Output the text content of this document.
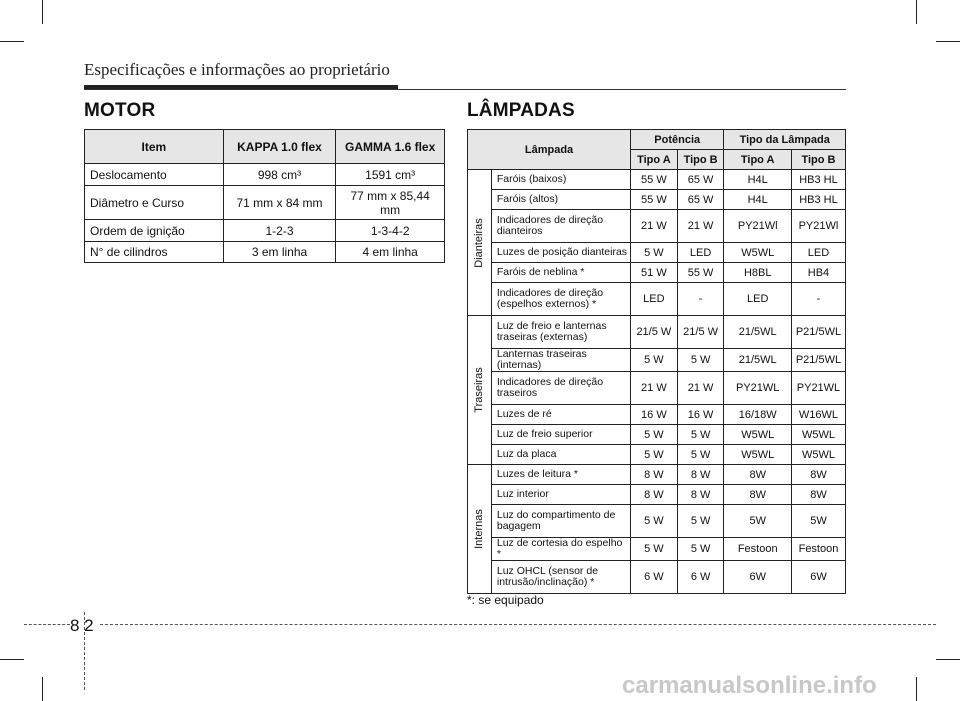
Especificações e informações ao proprietário
MOTOR
Item	KAPPA 1.0 flex	GAMMA 1.6 flex
Deslocamento	998 cm³	1591 cm³
Diâmetro e Curso	71 mm x 84 mm	77 mm x 85,44 mm
Ordem de ignição	1-2-3	1-3-4-2
N° de cilindros	3 em linha	4 em linha
LÂMPADAS
Lâmpada		Potência		Tipo da Lâmpada	
		Tipo A	Tipo B	Tipo A	Tipo B

Dianteiras	Faróis (baixos)	55 W	65 W	H4L	HB3 HL
	Faróis (altos)	55 W	65 W	H4L	HB3 HL
	Indicadores de direção dianteiros	21 W	21 W	PY21Wl	PY21Wl
	Luzes de posição dianteiras	5 W	LED	W5WL	LED
	Faróis de neblina *	51 W	55 W	H8BL	HB4
	Indicadores de direção (espelhos externos) *	LED	-	LED	-

Traseiras	Luz de freio e lanternas traseiras (externas)	21/5 W	21/5 W	21/5WL	P21/5WL
	Lanternas traseiras (internas)	5 W	5 W	21/5WL	P21/5WL
	Indicadores de direção traseiros	21 W	21 W	PY21WL	PY21WL
	Luzes de ré	16 W	16 W	16/18W	W16WL
	Luz de freio superior	5 W	5 W	W5WL	W5WL
	Luz da placa	5 W	5 W	W5WL	W5WL

Internas	Luzes de leitura *	8 W	8 W	8W	8W
	Luz interior	8 W	8 W	8W	8W
	Luz do compartimento de bagagem	5 W	5 W	5W	5W
	Luz de cortesia do espelho *	5 W	5 W	Festoon	Festoon
	Luz OHCL (sensor de intrusão/inclinação) *	6 W	6 W	6W	6W
*: se equipado
8 2
carmanualsonline.info
